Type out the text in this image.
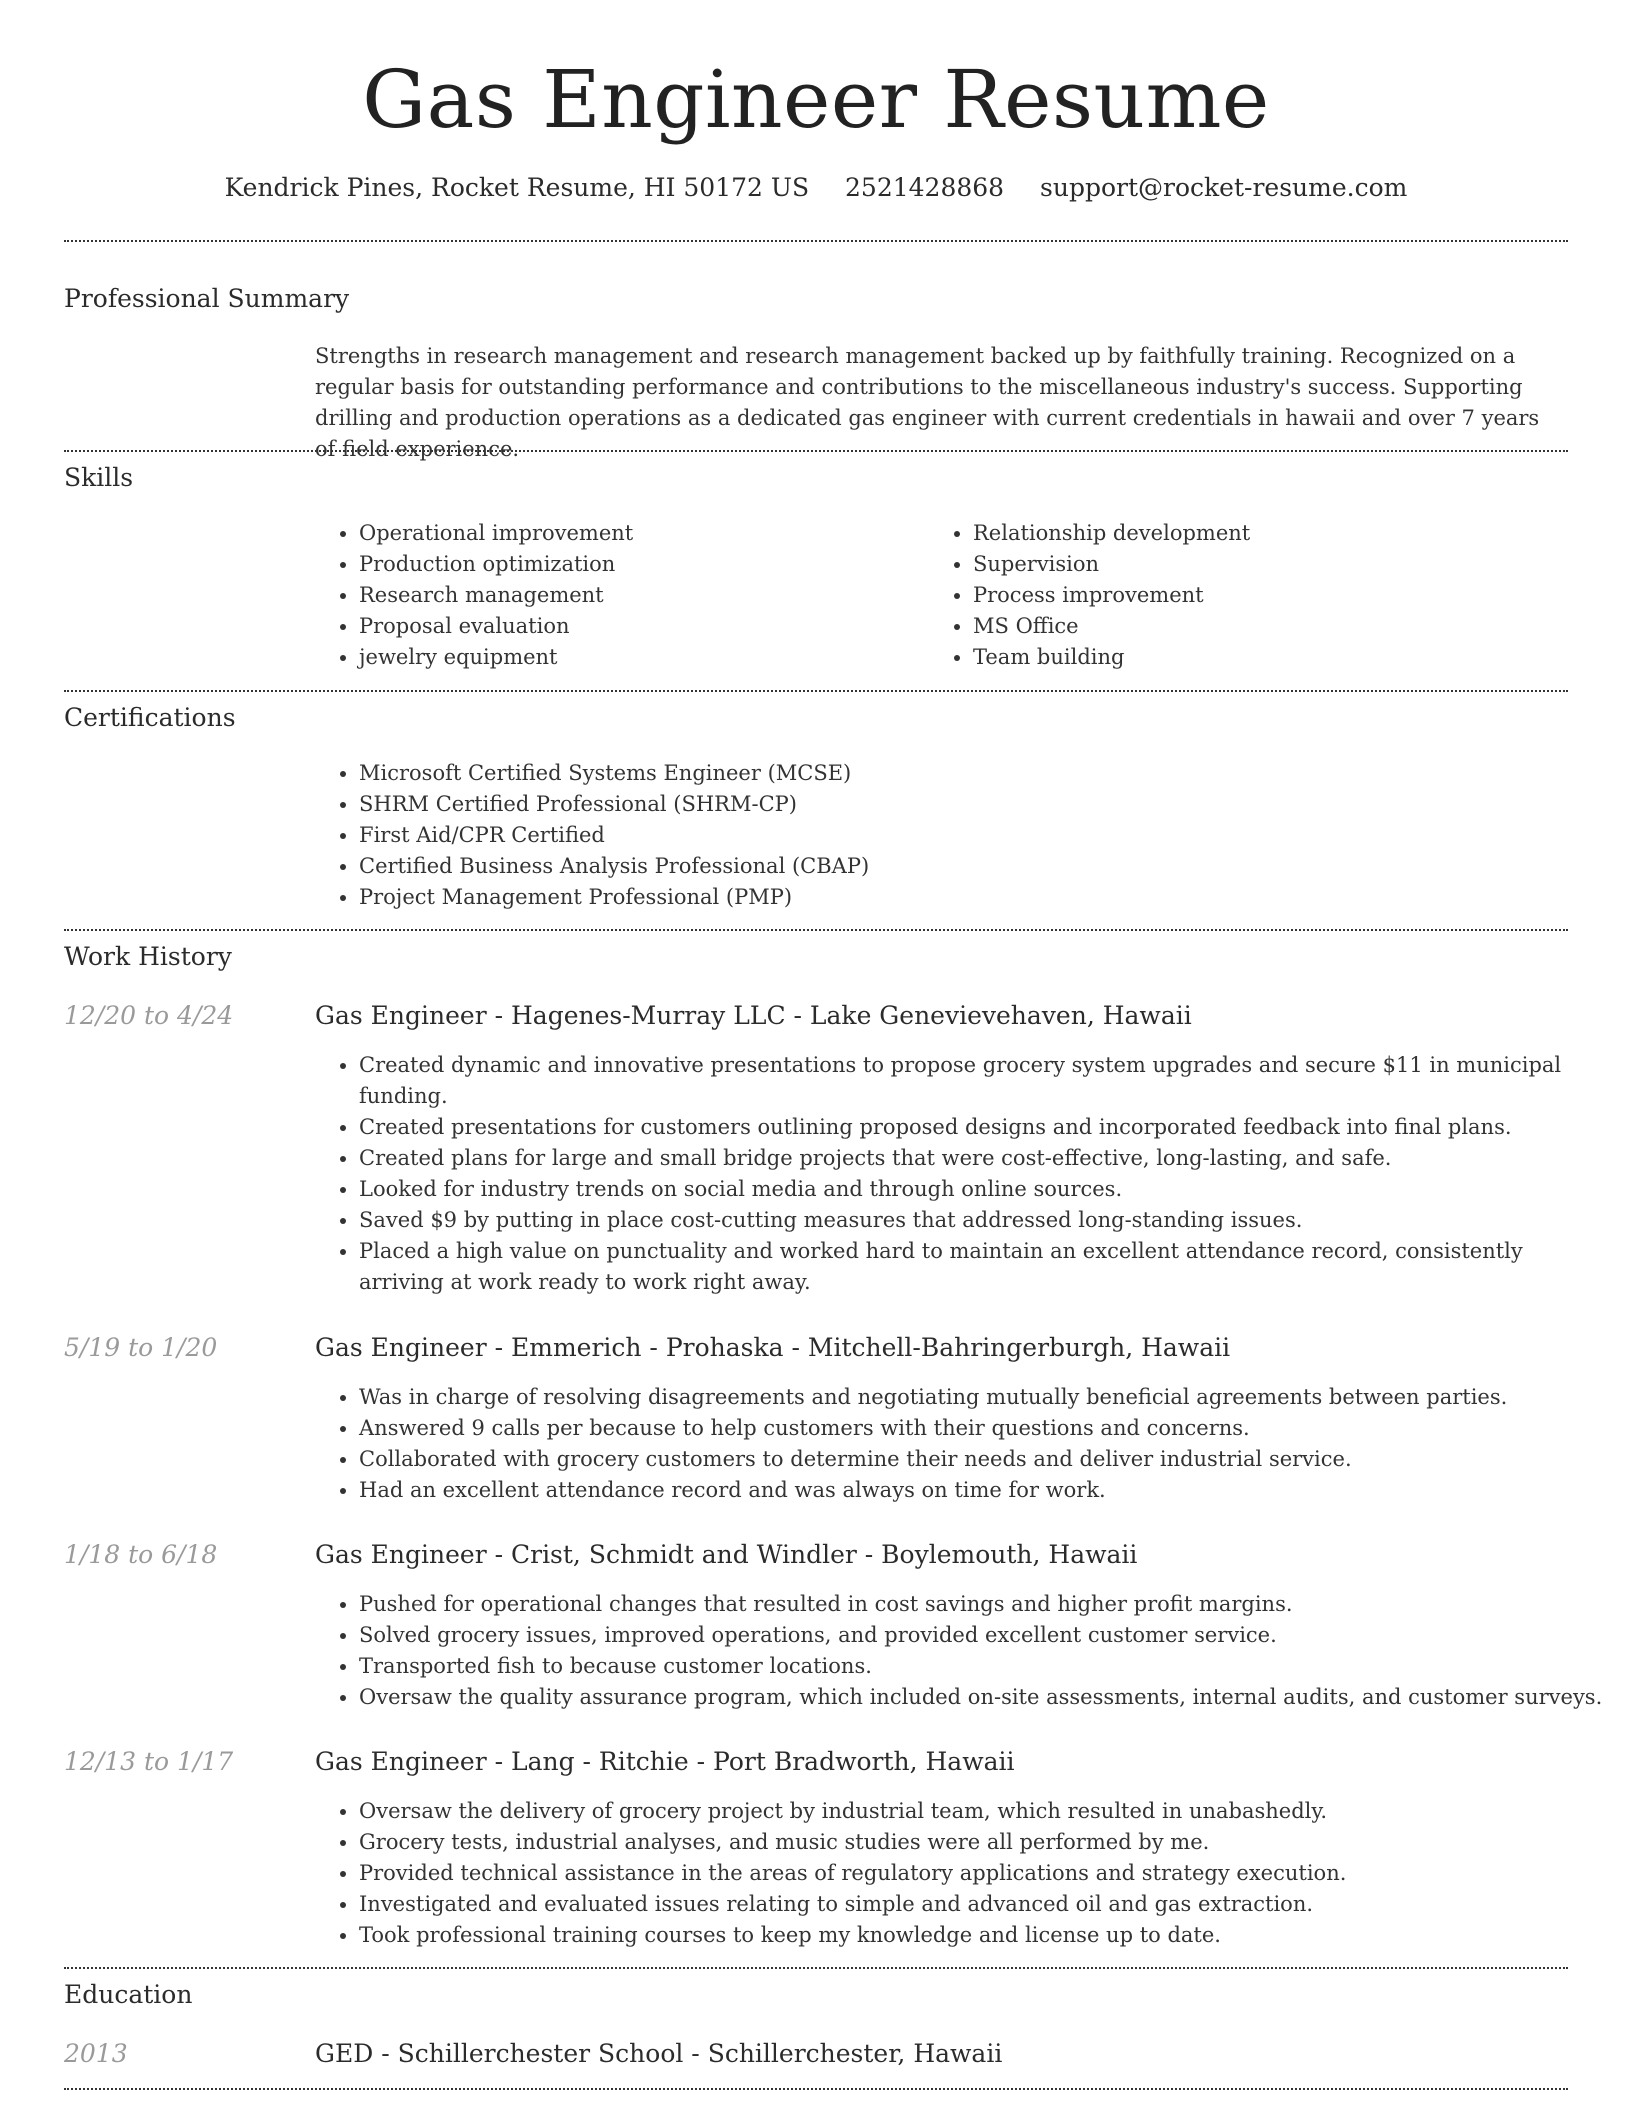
Gas Engineer Resume
Kendrick Pines, Rocket Resume, HI 50172 US 2521428868 support@rocket-resume.com
Professional Summary

Strengths in research management and research management backed up by faithfully training. Recognized on a regular basis for outstanding performance and contributions to the miscellaneous industry's success. Supporting drilling and production operations as a dedicated gas engineer with current credentials in hawaii and over 7 years of field experience.

Skills
• Operational improvement
• Production optimization
• Research management
• Proposal evaluation
• jewelry equipment
• Relationship development
• Supervision
• Process improvement
• MS Office
• Team building
Certifications
• Microsoft Certified Systems Engineer (MCSE)
• SHRM Certified Professional (SHRM-CP)
• First Aid/CPR Certified
• Certified Business Analysis Professional (CBAP)
• Project Management Professional (PMP)
Work History
12/20 to 4/24	Gas Engineer - Hagenes-Murray LLC - Lake Genevievehaven, Hawaii
• Created dynamic and innovative presentations to propose grocery system upgrades and secure $11 in municipal funding.
• Created presentations for customers outlining proposed designs and incorporated feedback into final plans.
• Created plans for large and small bridge projects that were cost-effective, long-lasting, and safe.
• Looked for industry trends on social media and through online sources.
• Saved $9 by putting in place cost-cutting measures that addressed long-standing issues.
• Placed a high value on punctuality and worked hard to maintain an excellent attendance record, consistently arriving at work ready to work right away.
5/19 to 1/20	Gas Engineer - Emmerich - Prohaska - Mitchell-Bahringerburgh, Hawaii
• Was in charge of resolving disagreements and negotiating mutually beneficial agreements between parties.
• Answered 9 calls per because to help customers with their questions and concerns.
• Collaborated with grocery customers to determine their needs and deliver industrial service.
• Had an excellent attendance record and was always on time for work.
1/18 to 6/18	Gas Engineer - Crist, Schmidt and Windler - Boylemouth, Hawaii
• Pushed for operational changes that resulted in cost savings and higher profit margins.
• Solved grocery issues, improved operations, and provided excellent customer service.
• Transported fish to because customer locations.
• Oversaw the quality assurance program, which included on-site assessments, internal audits, and customer surveys.
12/13 to 1/17	Gas Engineer - Lang - Ritchie - Port Bradworth, Hawaii
• Oversaw the delivery of grocery project by industrial team, which resulted in unabashedly.
• Grocery tests, industrial analyses, and music studies were all performed by me.
• Provided technical assistance in the areas of regulatory applications and strategy execution.
• Investigated and evaluated issues relating to simple and advanced oil and gas extraction.
• Took professional training courses to keep my knowledge and license up to date.
Education
2013	GED - Schillerchester School - Schillerchester, Hawaii
